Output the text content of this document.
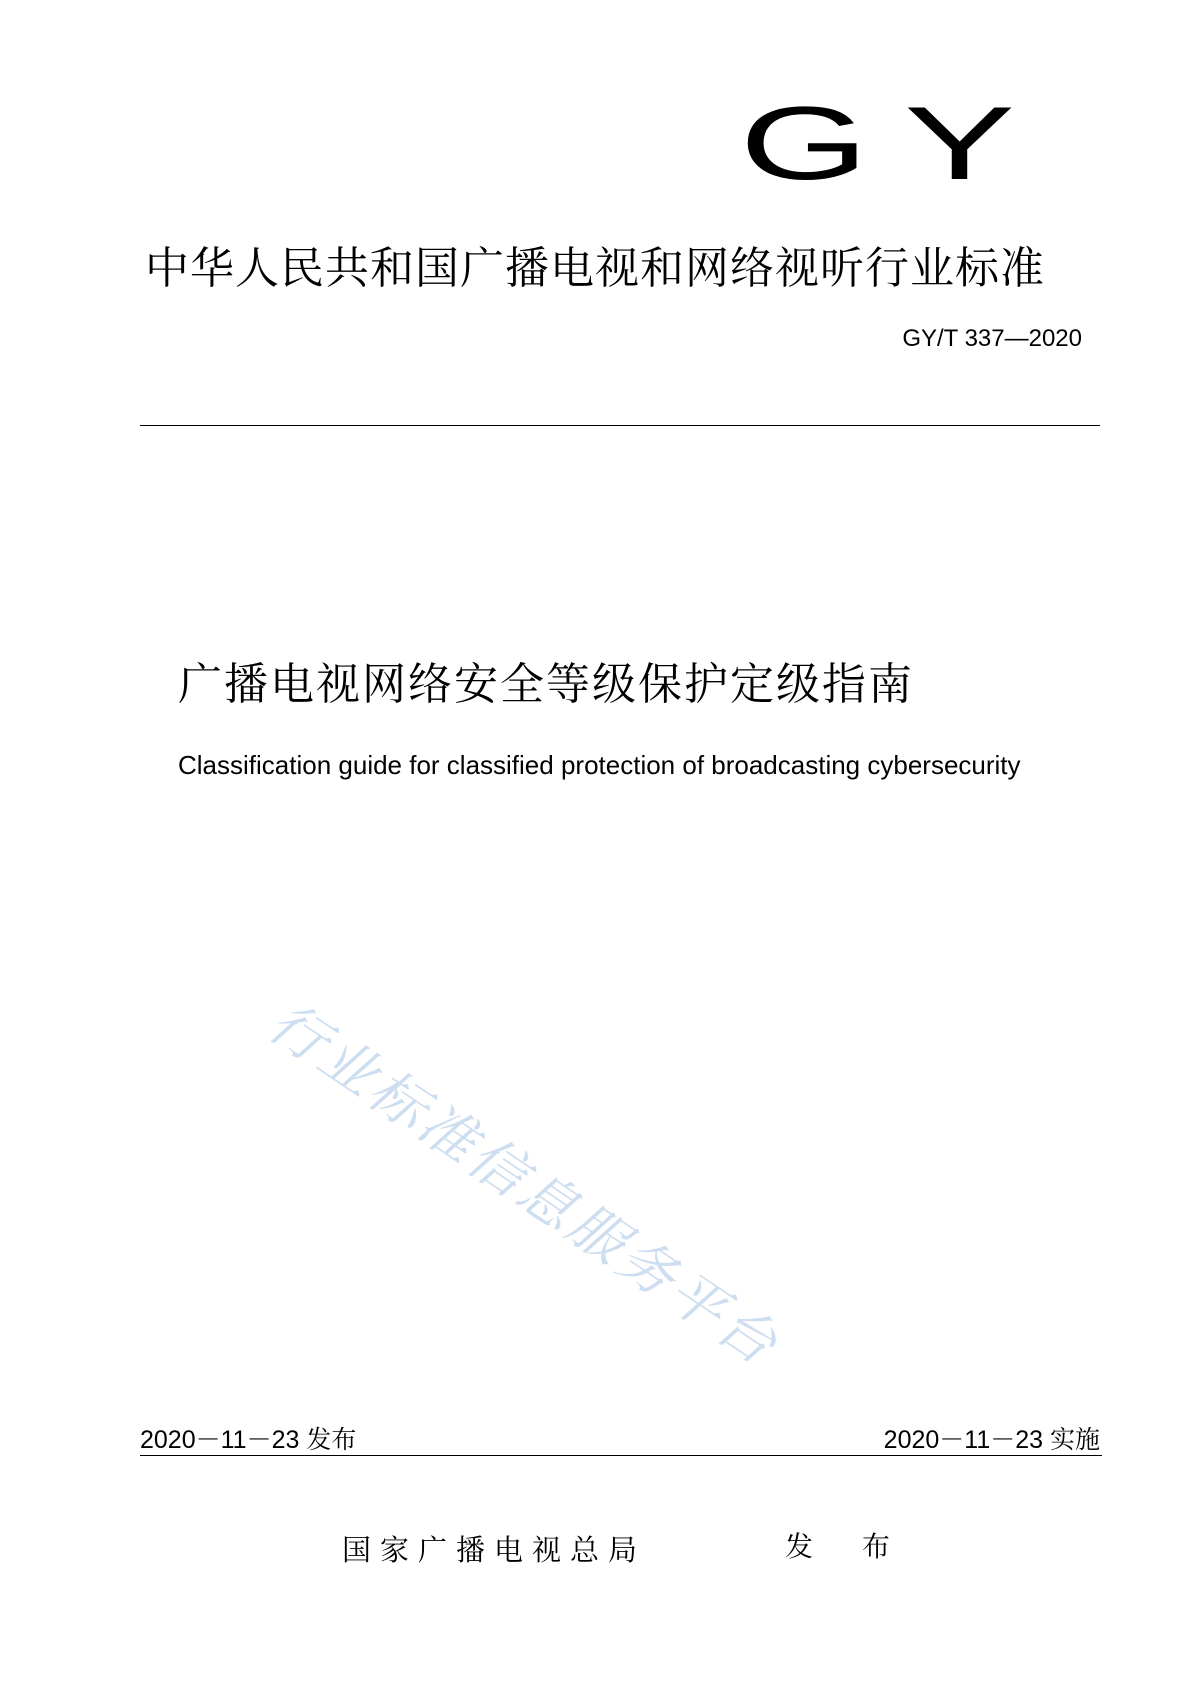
GY
中华人民共和国广播电视和网络视听行业标准
GY/T 337—2020
广播电视网络安全等级保护定级指南
Classification guide for classified protection of broadcasting cybersecurity
行业标准信息服务平台
2020－11－23 发布	2020－11－23 实施
国家广播电视总局	发 布
